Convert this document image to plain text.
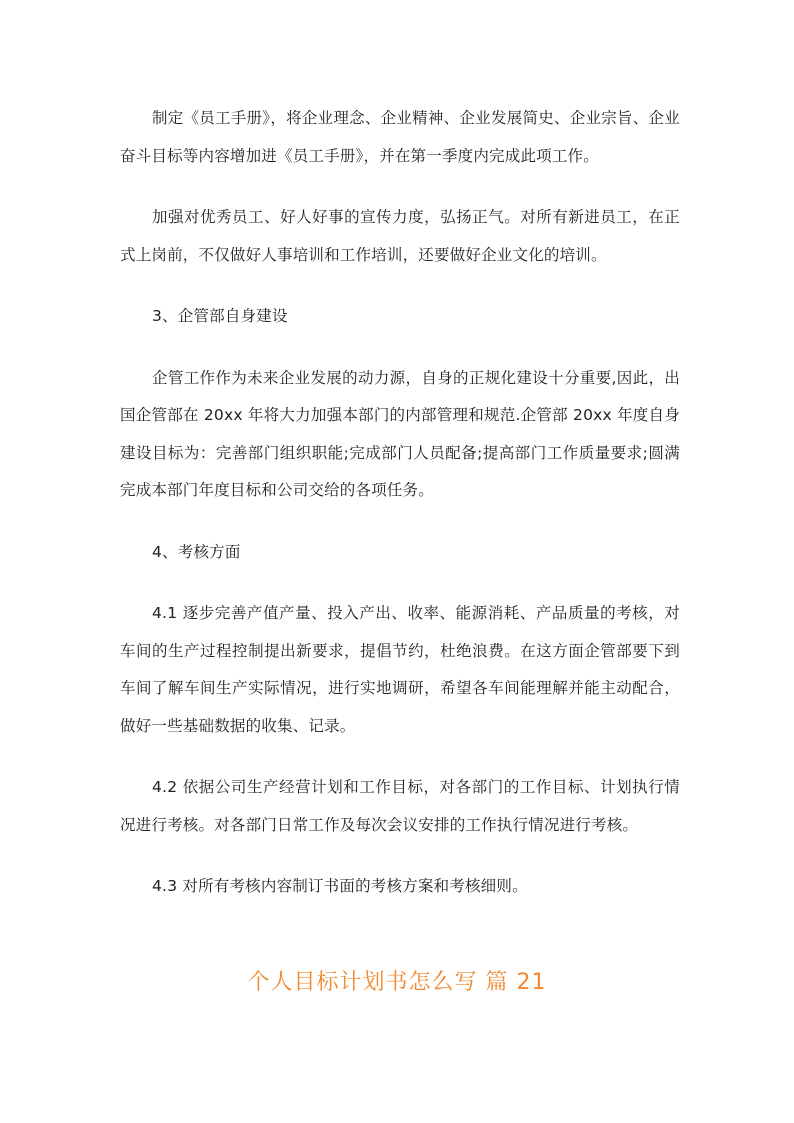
制定《员工手册》，将企业理念、企业精神、企业发展简史、企业宗旨、企业奋斗目标等内容增加进《员工手册》，并在第一季度内完成此项工作。

加强对优秀员工、好人好事的宣传力度，弘扬正气。对所有新进员工，在正式上岗前，不仅做好人事培训和工作培训，还要做好企业文化的培训。

3、企管部自身建设

企管工作作为未来企业发展的动力源，自身的正规化建设十分重要,因此，出国企管部在 20xx 年将大力加强本部门的内部管理和规范.企管部 20xx 年度自身建设目标为：完善部门组织职能;完成部门人员配备;提高部门工作质量要求;圆满完成本部门年度目标和公司交给的各项任务。

4、考核方面

4.1 逐步完善产值产量、投入产出、收率、能源消耗、产品质量的考核，对车间的生产过程控制提出新要求，提倡节约，杜绝浪费。在这方面企管部要下到车间了解车间生产实际情况，进行实地调研，希望各车间能理解并能主动配合，做好一些基础数据的收集、记录。

4.2 依据公司生产经营计划和工作目标，对各部门的工作目标、计划执行情况进行考核。对各部门日常工作及每次会议安排的工作执行情况进行考核。

4.3 对所有考核内容制订书面的考核方案和考核细则。

个人目标计划书怎么写 篇 21
